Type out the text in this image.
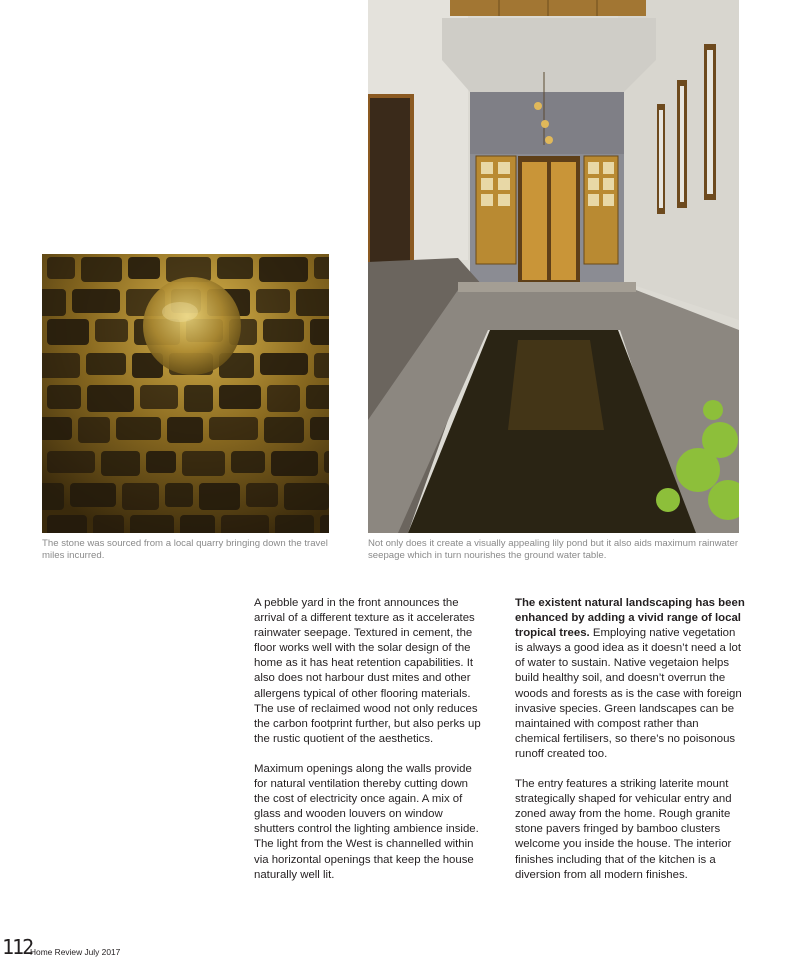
The stone was sourced from a local quarry bringing down the travel miles incurred.
Not only does it create a visually appealing lily pond but it also aids maximum rainwater seepage which in turn nourishes the ground water table.

A pebble yard in the front announces the arrival of a different texture as it accelerates rainwater seepage. Textured in cement, the floor works well with the solar design of the home as it has heat retention capabilities. It also does not harbour dust mites and other allergens typical of other flooring materials. The use of reclaimed wood not only reduces the carbon footprint further, but also perks up the rustic quotient of the aesthetics.

Maximum openings along the walls provide for natural ventilation thereby cutting down the cost of electricity once again. A mix of glass and wooden louvers on window shutters control the lighting ambience inside. The light from the West is channelled within via horizontal openings that keep the house naturally well lit.

The existent natural landscaping has been enhanced by adding a vivid range of local tropical trees. Employing native vegetation is always a good idea as it doesn’t need a lot of water to sustain. Native vegetaion helps build healthy soil, and doesn’t overrun the woods and forests as is the case with foreign invasive species. Green landscapes can be maintained with compost rather than chemical fertilisers, so there’s no poisonous runoff created too.

The entry features a striking laterite mount strategically shaped for vehicular entry and zoned away from the home. Rough granite stone pavers fringed by bamboo clusters welcome you inside the house. The interior finishes including that of the kitchen is a diversion from all modern finishes.

112
Home Review July 2017
